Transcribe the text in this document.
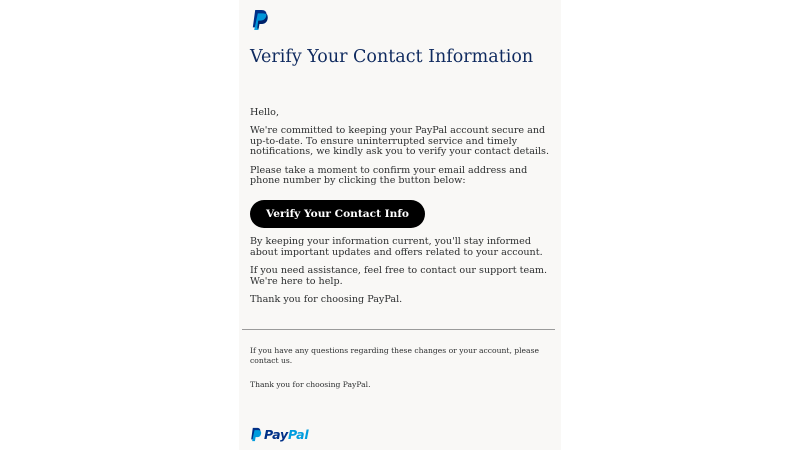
Verify Your Contact Information

Hello,

We're committed to keeping your PayPal account secure and up-to-date. To ensure uninterrupted service and timely notifications, we kindly ask you to verify your contact details.

Please take a moment to confirm your email address and phone number by clicking the button below:

Verify Your Contact Info

By keeping your information current, you'll stay informed about important updates and offers related to your account.

If you need assistance, feel free to contact our support team. We're here to help.

Thank you for choosing PayPal.

If you have any questions regarding these changes or your account, please contact us.

Thank you for choosing PayPal.

PayPal
